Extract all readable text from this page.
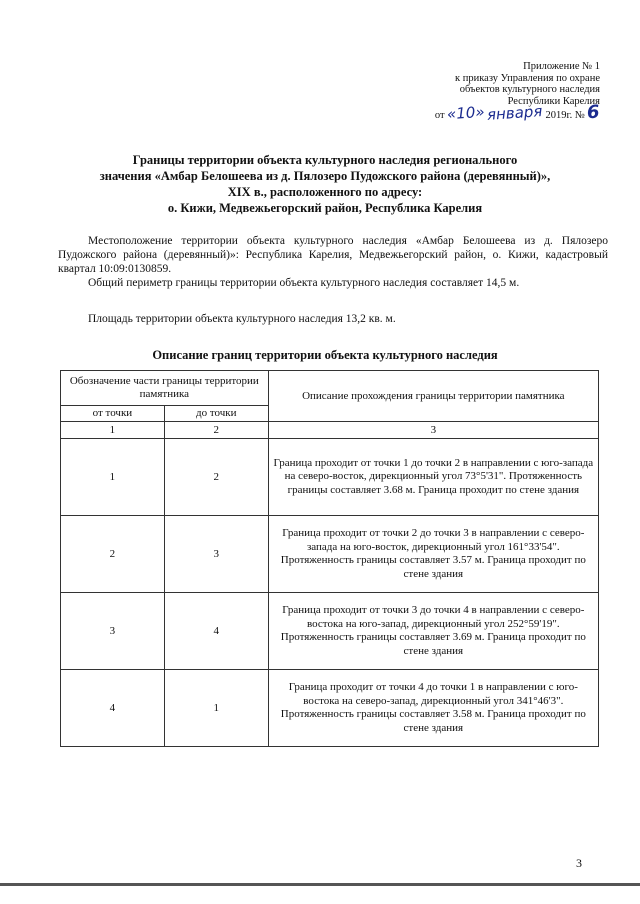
Приложение № 1
к приказу Управления по охране
объектов культурного наследия
Республики Карелия
от «10» января 2019г. № 6
Границы территории объекта культурного наследия регионального
значения «Амбар Белошеева из д. Пялозеро Пудожского района (деревянный)»,
XIX в., расположенного по адресу:
о. Кижи, Медвежьегорский район, Республика Карелия
Местоположение территории объекта культурного наследия «Амбар Белошеева из д. Пялозеро Пудожского района (деревянный)»: Республика Карелия, Медвежьегорский район, о. Кижи, кадастровый квартал 10:09:0130859.
Общий периметр границы территории объекта культурного наследия составляет 14,5 м.
Площадь территории объекта культурного наследия 13,2 кв. м.
Описание границ территории объекта культурного наследия
Обозначение части границы территории памятника		Описание прохождения границы территории памятника
от точки	до точки	
1	2	3
1	2	Граница проходит от точки 1 до точки 2 в направлении с юго-запада на северо-восток, дирекционный угол 73°5'31". Протяженность границы составляет 3.68 м. Граница проходит по стене здания
2	3	Граница проходит от точки 2 до точки 3 в направлении с северо-запада на юго-восток, дирекционный угол 161°33'54". Протяженность границы составляет 3.57 м. Граница проходит по стене здания
3	4	Граница проходит от точки 3 до точки 4 в направлении с северо-востока на юго-запад, дирекционный угол 252°59'19". Протяженность границы составляет 3.69 м. Граница проходит по стене здания
4	1	Граница проходит от точки 4 до точки 1 в направлении с юго-востока на северо-запад, дирекционный угол 341°46'3". Протяженность границы составляет 3.58 м. Граница проходит по стене здания
3
